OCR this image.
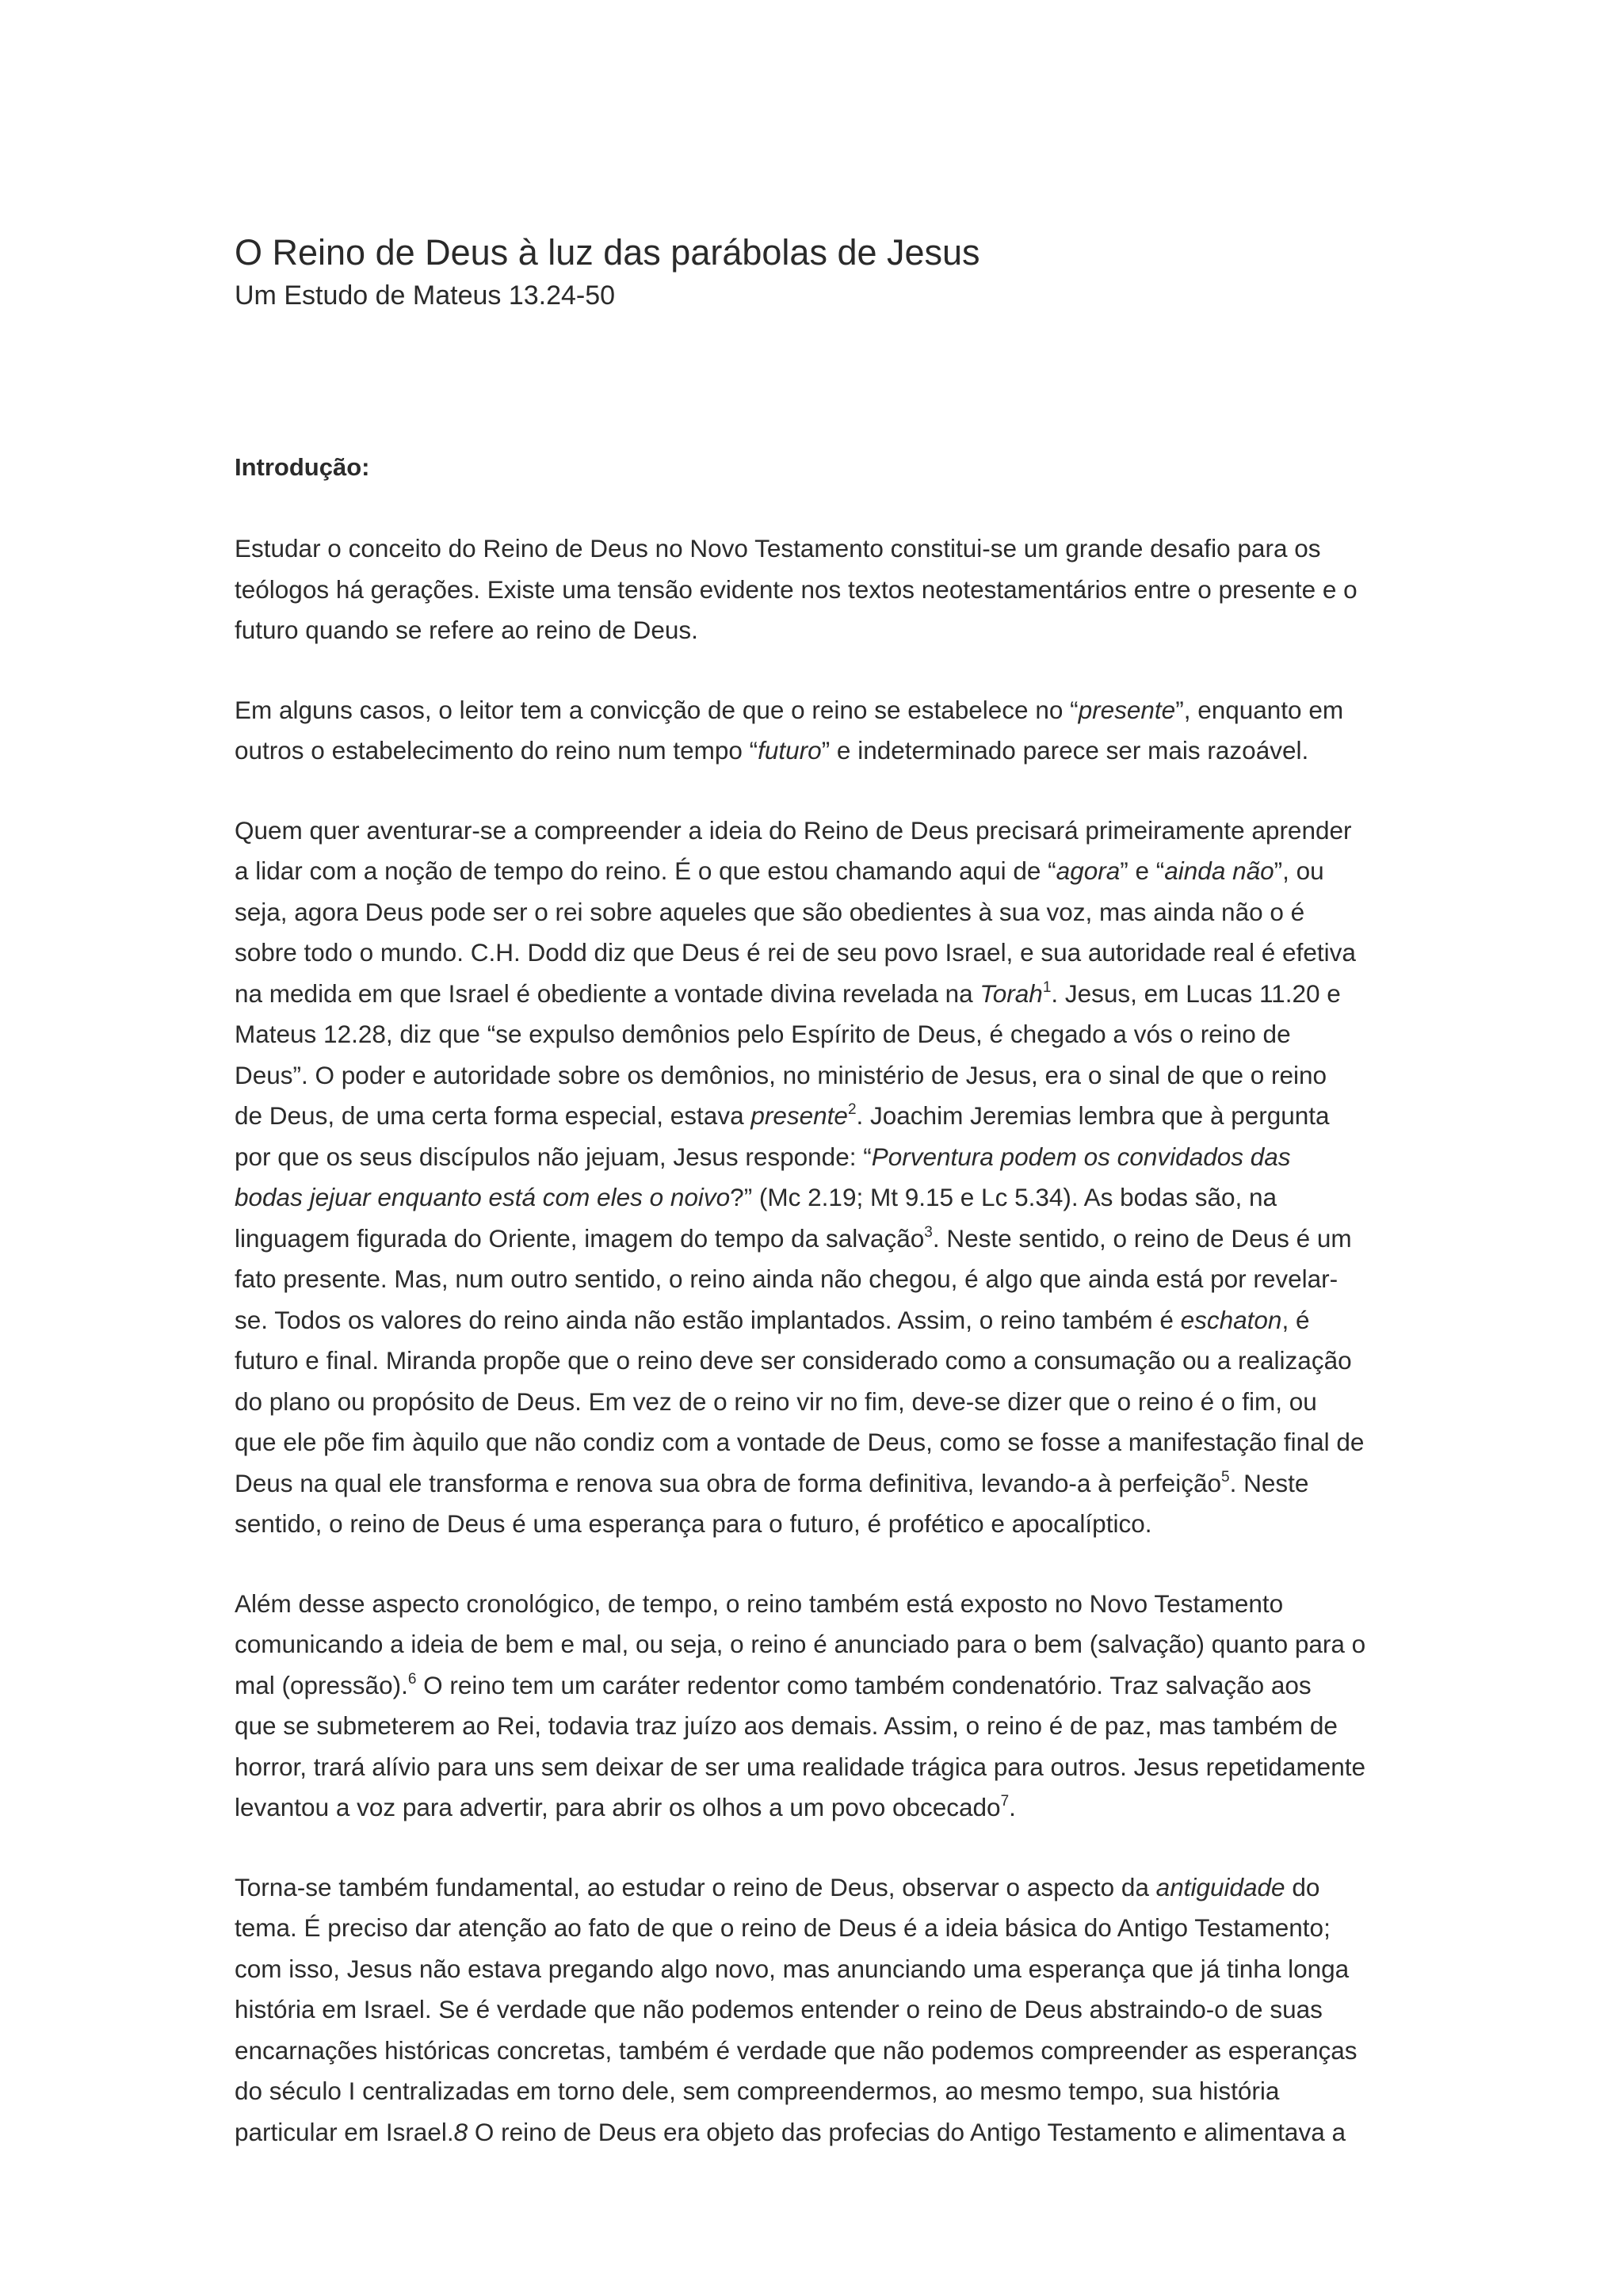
O Reino de Deus à luz das parábolas de Jesus

Um Estudo de Mateus 13.24-50

Introdução:

Estudar o conceito do Reino de Deus no Novo Testamento constitui-se um grande desafio para os
teólogos há gerações. Existe uma tensão evidente nos textos neotestamentários entre o presente e o
futuro quando se refere ao reino de Deus.

Em alguns casos, o leitor tem a convicção de que o reino se estabelece no “presente”, enquanto em
outros o estabelecimento do reino num tempo “futuro” e indeterminado parece ser mais razoável.

Quem quer aventurar-se a compreender a ideia do Reino de Deus precisará primeiramente aprender
a lidar com a noção de tempo do reino. É o que estou chamando aqui de “agora” e “ainda não”, ou
seja, agora Deus pode ser o rei sobre aqueles que são obedientes à sua voz, mas ainda não o é
sobre todo o mundo. C.H. Dodd diz que Deus é rei de seu povo Israel, e sua autoridade real é efetiva
na medida em que Israel é obediente a vontade divina revelada na Torah$^1$. Jesus, em Lucas 11.20 e
Mateus 12.28, diz que “se expulso demônios pelo Espírito de Deus, é chegado a vós o reino de
Deus”. O poder e autoridade sobre os demônios, no ministério de Jesus, era o sinal de que o reino
de Deus, de uma certa forma especial, estava presente$^2$. Joachim Jeremias lembra que à pergunta
por que os seus discípulos não jejuam, Jesus responde: “Porventura podem os convidados das
bodas jejuar enquanto está com eles o noivo?” (Mc 2.19; Mt 9.15 e Lc 5.34). As bodas são, na
linguagem figurada do Oriente, imagem do tempo da salvação$^3$. Neste sentido, o reino de Deus é um
fato presente. Mas, num outro sentido, o reino ainda não chegou, é algo que ainda está por revelar-
se. Todos os valores do reino ainda não estão implantados. Assim, o reino também é eschaton, é
futuro e final. Miranda propõe que o reino deve ser considerado como a consumação ou a realização
do plano ou propósito de Deus. Em vez de o reino vir no fim, deve-se dizer que o reino é o fim, ou
que ele põe fim àquilo que não condiz com a vontade de Deus, como se fosse a manifestação final de
Deus na qual ele transforma e renova sua obra de forma definitiva, levando-a à perfeição$^5$. Neste
sentido, o reino de Deus é uma esperança para o futuro, é profético e apocalíptico.

Além desse aspecto cronológico, de tempo, o reino também está exposto no Novo Testamento
comunicando a ideia de bem e mal, ou seja, o reino é anunciado para o bem (salvação) quanto para o
mal (opressão).$^6$ O reino tem um caráter redentor como também condenatório. Traz salvação aos
que se submeterem ao Rei, todavia traz juízo aos demais. Assim, o reino é de paz, mas também de
horror, trará alívio para uns sem deixar de ser uma realidade trágica para outros. Jesus repetidamente
levantou a voz para advertir, para abrir os olhos a um povo obcecado$^7$.

Torna-se também fundamental, ao estudar o reino de Deus, observar o aspecto da antiguidade do
tema. É preciso dar atenção ao fato de que o reino de Deus é a ideia básica do Antigo Testamento;
com isso, Jesus não estava pregando algo novo, mas anunciando uma esperança que já tinha longa
história em Israel. Se é verdade que não podemos entender o reino de Deus abstraindo-o de suas
encarnações históricas concretas, também é verdade que não podemos compreender as esperanças
do século I centralizadas em torno dele, sem compreendermos, ao mesmo tempo, sua história
particular em Israel.8 O reino de Deus era objeto das profecias do Antigo Testamento e alimentava a
